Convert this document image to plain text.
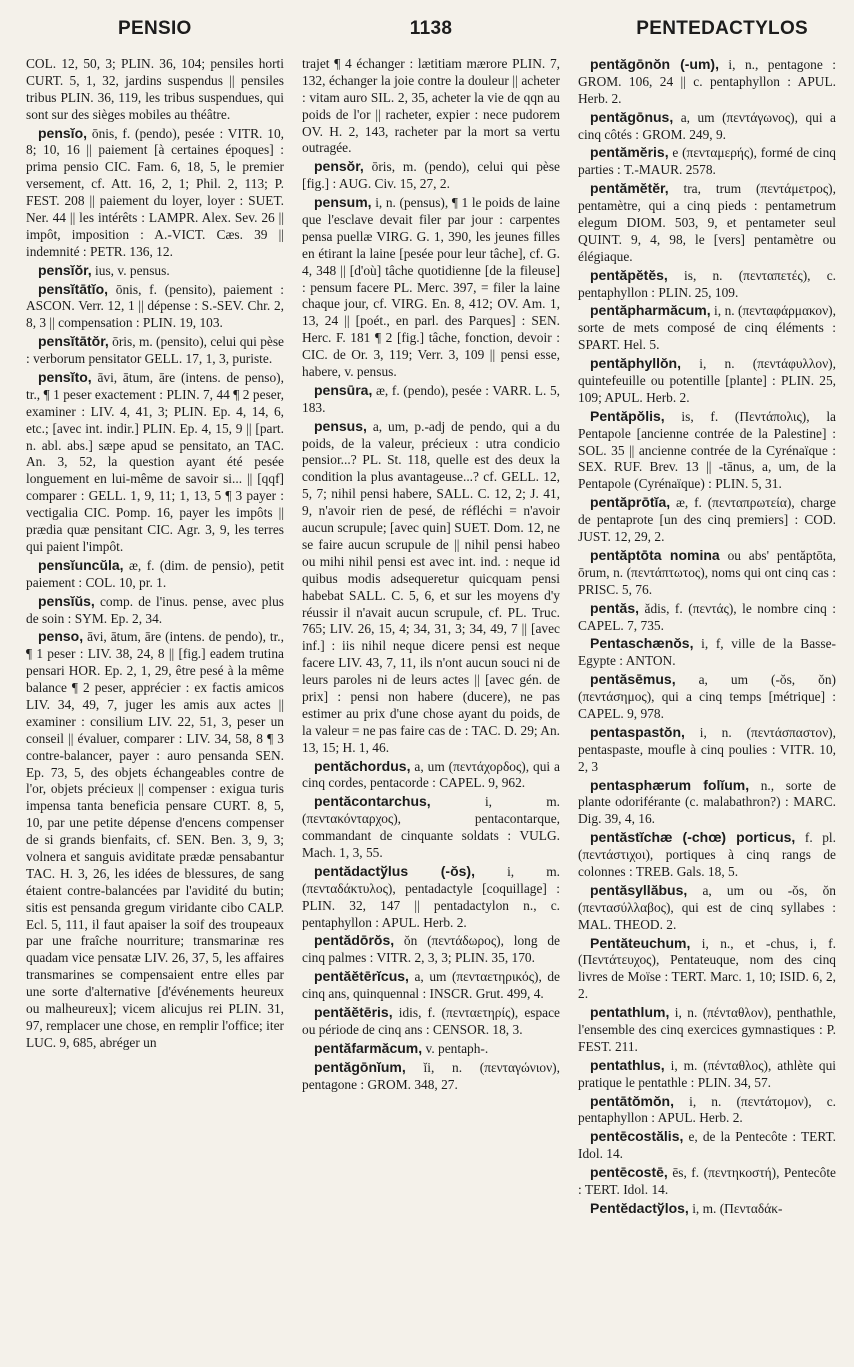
PENSIO	1138	PENTEDACTYLOS

COL. 12, 50, 3; PLIN. 36, 104; pensiles horti CURT. 5, 1, 32, jardins suspendus || pensiles tribus PLIN. 36, 119, les tribus suspendues, qui sont sur des sièges mobiles au théâtre.

pensĭo, ōnis, f. (pendo), pesée : VITR. 10, 8; 10, 16 || paiement [à certaines époques] : prima pensio CIC. Fam. 6, 18, 5, le premier versement, cf. Att. 16, 2, 1; Phil. 2, 113; P. FEST. 208 || paiement du loyer, loyer : SUET. Ner. 44 || les intérêts : LAMPR. Alex. Sev. 26 || impôt, imposition : A.-VICT. Cæs. 39 || indemnité : PETR. 136, 12.

pensĭŏr, ius, v. pensus.

pensĭtātĭo, ōnis, f. (pensito), paiement : ASCON. Verr. 12, 1 || dépense : S.-SEV. Chr. 2, 8, 3 || compensation : PLIN. 19, 103.

pensĭtātŏr, ōris, m. (pensito), celui qui pèse : verborum pensitator GELL. 17, 1, 3, puriste.

pensĭto, āvi, ātum, āre (intens. de penso), tr., ¶ 1 peser exactement : PLIN. 7, 44 ¶ 2 peser, examiner : LIV. 4, 41, 3; PLIN. Ep. 4, 14, 6, etc.; [avec int. indir.] PLIN. Ep. 4, 15, 9 || [part. n. abl. abs.] sæpe apud se pensitato, an TAC. An. 3, 52, la question ayant été pesée longuement en lui-même de savoir si... || [qqf] comparer : GELL. 1, 9, 11; 1, 13, 5 ¶ 3 payer : vectigalia CIC. Pomp. 16, payer les impôts || prædia quæ pensitant CIC. Agr. 3, 9, les terres qui paient l'impôt.

pensĭuncŭla, æ, f. (dim. de pensio), petit paiement : COL. 10, pr. 1.

pensĭŭs, comp. de l'inus. pense, avec plus de soin : SYM. Ep. 2, 34.

penso, āvi, ātum, āre (intens. de pendo), tr., ¶ 1 peser : LIV. 38, 24, 8 || [fig.] eadem trutina pensari HOR. Ep. 2, 1, 29, être pesé à la même balance ¶ 2 peser, apprécier : ex factis amicos LIV. 34, 49, 7, juger les amis aux actes || examiner : consilium LIV. 22, 51, 3, peser un conseil || évaluer, comparer : LIV. 34, 58, 8 ¶ 3 contre-balancer, payer : auro pensanda SEN. Ep. 73, 5, des objets échangeables contre de l'or, objets précieux || compenser : exigua turis impensa tanta beneficia pensare CURT. 8, 5, 10, par une petite dépense d'encens compenser de si grands bienfaits, cf. SEN. Ben. 3, 9, 3; volnera et sanguis aviditate prædæ pensabantur TAC. H. 3, 26, les idées de blessures, de sang étaient contre-balancées par l'avidité du butin; sitis est pensanda gregum viridante cibo CALP. Ecl. 5, 111, il faut apaiser la soif des troupeaux par une fraîche nourriture; transmarinæ res quadam vice pensatæ LIV. 26, 37, 5, les affaires transmarines se compensaient entre elles par une sorte d'alternative [d'événements heureux ou malheureux]; vicem alicujus rei PLIN. 31, 97, remplacer une chose, en remplir l'office; iter LUC. 9, 685, abréger un

trajet ¶ 4 échanger : lætitiam mærore PLIN. 7, 132, échanger la joie contre la douleur || acheter : vitam auro SIL. 2, 35, acheter la vie de qqn au poids de l'or || racheter, expier : nece pudorem OV. H. 2, 143, racheter par la mort sa vertu outragée.

pensŏr, ōris, m. (pendo), celui qui pèse [fig.] : AUG. Civ. 15, 27, 2.

pensum, i, n. (pensus), ¶ 1 le poids de laine que l'esclave devait filer par jour : carpentes pensa puellæ VIRG. G. 1, 390, les jeunes filles en étirant la laine [pesée pour leur tâche], cf. G. 4, 348 || [d'où] tâche quotidienne [de la fileuse] : pensum facere PL. Merc. 397, = filer la laine chaque jour, cf. VIRG. En. 8, 412; OV. Am. 1, 13, 24 || [poét., en parl. des Parques] : SEN. Herc. F. 181 ¶ 2 [fig.] tâche, fonction, devoir : CIC. de Or. 3, 119; Verr. 3, 109 || pensi esse, habere, v. pensus.

pensūra, æ, f. (pendo), pesée : VARR. L. 5, 183.

pensus, a, um, p.-adj de pendo, qui a du poids, de la valeur, précieux : utra condicio pensior...? PL. St. 118, quelle est des deux la condition la plus avantageuse...? cf. GELL. 12, 5, 7; nihil pensi habere, SALL. C. 12, 2; J. 41, 9, n'avoir rien de pesé, de réfléchi = n'avoir aucun scrupule; [avec quin] SUET. Dom. 12, ne se faire aucun scrupule de || nihil pensi habeo ou mihi nihil pensi est avec int. ind. : neque id quibus modis adsequeretur quicquam pensi habebat SALL. C. 5, 6, et sur les moyens d'y réussir il n'avait aucun scrupule, cf. PL. Truc. 765; LIV. 26, 15, 4; 34, 31, 3; 34, 49, 7 || [avec inf.] : iis nihil neque dicere pensi est neque facere LIV. 43, 7, 11, ils n'ont aucun souci ni de leurs paroles ni de leurs actes || [avec gén. de prix] : pensi non habere (ducere), ne pas estimer au prix d'une chose ayant du poids, de la valeur = ne pas faire cas de : TAC. D. 29; An. 13, 15; H. 1, 46.

pentăchordus, a, um (πεντάχορδος), qui a cinq cordes, pentacorde : CAPEL. 9, 962.

pentăcontarchus,	i, m. (πεντακόνταρχος), pentacontarque, commandant de cinquante soldats : VULG. Mach. 1, 3, 55.

pentădactўlus (-ŏs), i, m. (πενταδάκτυλος), pentadactyle [coquillage] : PLIN. 32, 147 || pentadactylon n., c. pentaphyllon : APUL. Herb. 2.

pentădōrŏs, ŏn (πεντάδωρος), long de cinq palmes : VITR. 2, 3, 3; PLIN. 35, 170.

pentăĕtērĭcus, a, um (πενταετηρικός), de cinq ans, quinquennal : INSCR. Grut. 499, 4.

pentăĕtēris, idis, f. (πενταετηρίς), espace ou période de cinq ans : CENSOR. 18, 3.

pentăfarmăcum, v. pentaph-.

pentăgōnĭum, ĭi, n. (πενταγώνιον), pentagone : GROM. 348, 27.

pentăgōnŏn (-um), i, n., pentagone : GROM. 106, 24 || c. pentaphyllon : APUL. Herb. 2.

pentăgōnus, a, um (πεντάγωνος), qui a cinq côtés : GROM. 249, 9.

pentămĕris, e (πενταμερής), formé de cinq parties : T.-MAUR. 2578.

pentămĕtĕr, tra, trum (πεντάμετρος), pentamètre, qui a cinq pieds : pentametrum elegum DIOM. 503, 9, et pentameter seul QUINT. 9, 4, 98, le [vers] pentamètre ou élégiaque.

pentăpĕtĕs, is, n. (πενταπετές), c. pentaphyllon : PLIN. 25, 109.

pentăpharmăcum, i, n. (πενταφάρμακον), sorte de mets composé de cinq éléments : SPART. Hel. 5.

pentăphyllŏn, i, n. (πεντάφυλλον), quintefeuille ou potentille [plante] : PLIN. 25, 109; APUL. Herb. 2.

Pentăpŏlis, is, f. (Πεντάπολις), la Pentapole [ancienne contrée de la Palestine] : SOL. 35 || ancienne contrée de la Cyrénaïque : SEX. RUF. Brev. 13 || -tānus, a, um, de la Pentapole (Cyrénaïque) : PLIN. 5, 31.

pentăprōtĭa, æ, f. (πενταπρωτεία), charge de pentaprote [un des cinq premiers] : COD. JUST. 12, 29, 2.

pentăptōta nomina ou abs' pentăptōta, ōrum, n. (πεντάπτωτος), noms qui ont cinq cas : PRISC. 5, 76.

pentăs, ădis, f. (πεντάς), le nombre cinq : CAPEL. 7, 735.

Pentaschænŏs, i, f, ville de la Basse-Egypte : ANTON.

pentăsēmus, a, um (-ŏs, ŏn) (πεντάσημος), qui a cinq temps [métrique] : CAPEL. 9, 978.

pentaspastŏn, i, n. (πεντάσπαστον), pentaspaste, moufle à cinq poulies : VITR. 10, 2, 3

pentasphærum folĭum, n., sorte de plante odoriférante (c. malabathron?) : MARC. Dig. 39, 4, 16.

pentăstĭchæ (-chœ) porticus, f. pl. (πεντάστιχοι), portiques à cinq rangs de colonnes : TREB. Gals. 18, 5.

pentăsyllăbus, a, um ou -ŏs, ŏn (πεντασύλλαβος), qui est de cinq syllabes : MAL. THEOD. 2.

Pentăteuchum, i, n., et -chus, i, f. (Πεντάτευχος), Pentateuque, nom des cinq livres de Moïse : TERT. Marc. 1, 10; ISID. 6, 2, 2.

pentathlum, i, n. (πένταθλον), penthathle, l'ensemble des cinq exercices gymnastiques : P. FEST. 211.

pentathlus, i, m. (πένταθλος), athlète qui pratique le pentathle : PLIN. 34, 57.

pentātŏmŏn, i, n. (πεντάτομον), c. pentaphyllon : APUL. Herb. 2.

pentēcostălis, e, de la Pentecôte : TERT. Idol. 14.

pentēcostē, ēs, f. (πεντηκοστή), Pentecôte : TERT. Idol. 14.

Pentĕdactўlos, i, m. (Πενταδάκ-
